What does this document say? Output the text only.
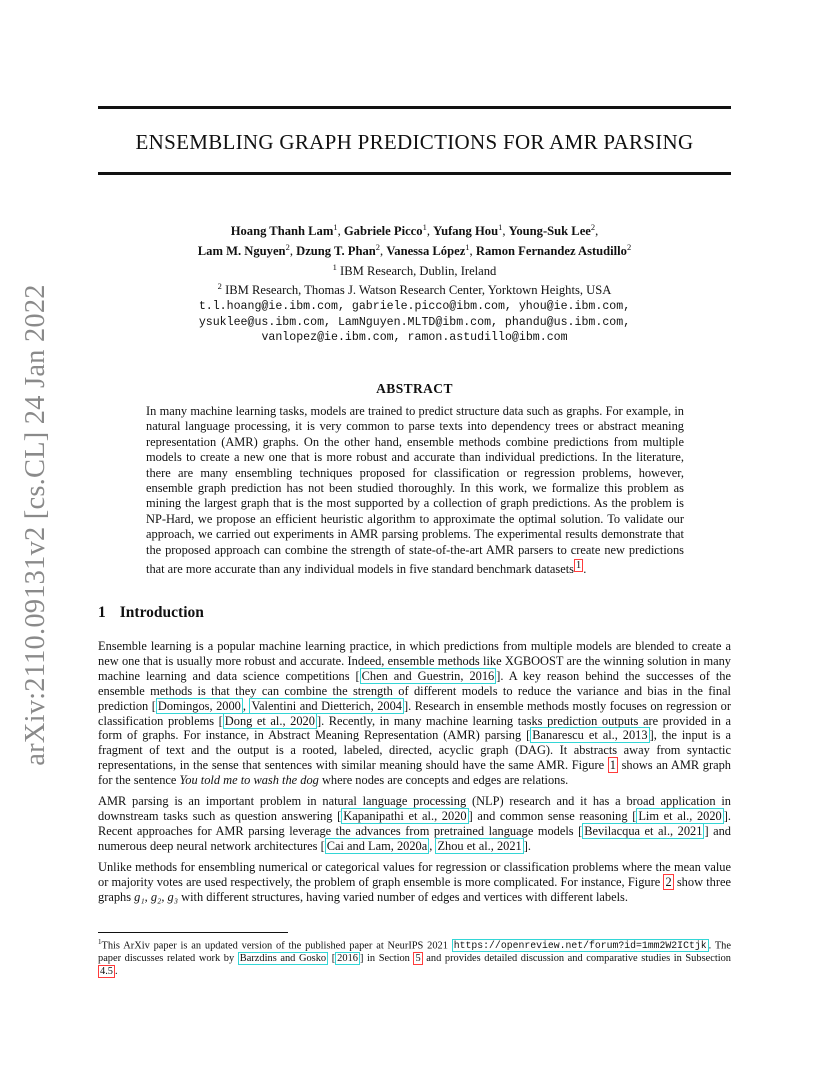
arXiv:2110.09131v2 [cs.CL] 24 Jan 2022
ENSEMBLING GRAPH PREDICTIONS FOR AMR PARSING
Hoang Thanh Lam$^1$, Gabriele Picco$^1$, Yufang Hou$^1$, Young-Suk Lee$^2$,
Lam M. Nguyen$^2$, Dzung T. Phan$^2$, Vanessa López$^1$, Ramon Fernandez Astudillo$^2$
$^1$ IBM Research, Dublin, Ireland
$^2$ IBM Research, Thomas J. Watson Research Center, Yorktown Heights, USA
t.l.hoang@ie.ibm.com, gabriele.picco@ibm.com, yhou@ie.ibm.com,
ysuklee@us.ibm.com, LamNguyen.MLTD@ibm.com, phandu@us.ibm.com,
vanlopez@ie.ibm.com, ramon.astudillo@ibm.com
ABSTRACT
In many machine learning tasks, models are trained to predict structure data such as graphs. For example, in natural language processing, it is very common to parse texts into dependency trees or abstract meaning representation (AMR) graphs. On the other hand, ensemble methods combine predictions from multiple models to create a new one that is more robust and accurate than individual predictions. In the literature, there are many ensembling techniques proposed for classification or regression problems, however, ensemble graph prediction has not been studied thoroughly. In this work, we formalize this problem as mining the largest graph that is the most supported by a collection of graph predictions. As the problem is NP-Hard, we propose an efficient heuristic algorithm to approximate the optimal solution. To validate our approach, we carried out experiments in AMR parsing problems. The experimental results demonstrate that the proposed approach can combine the strength of state-of-the-art AMR parsers to create new predictions that are more accurate than any individual models in five standard benchmark datasets $^1$ .
1 Introduction

Ensemble learning is a popular machine learning practice, in which predictions from multiple models are blended to create a new one that is usually more robust and accurate. Indeed, ensemble methods like XGBOOST are the winning solution in many machine learning and data science competitions [ Chen and Guestrin, 2016 ]. A key reason behind the successes of the ensemble methods is that they can combine the strength of different models to reduce the variance and bias in the final prediction [ Domingos, 2000 , Valentini and Dietterich, 2004 ]. Research in ensemble methods mostly focuses on regression or classification problems [ Dong et al., 2020 ]. Recently, in many machine learning tasks prediction outputs are provided in a form of graphs. For instance, in Abstract Meaning Representation (AMR) parsing [ Banarescu et al., 2013 ], the input is a fragment of text and the output is a rooted, labeled, directed, acyclic graph (DAG). It abstracts away from syntactic representations, in the sense that sentences with similar meaning should have the same AMR. Figure 1 shows an AMR graph for the sentence You told me to wash the dog where nodes are concepts and edges are relations.

AMR parsing is an important problem in natural language processing (NLP) research and it has a broad application in downstream tasks such as question answering [ Kapanipathi et al., 2020 ] and common sense reasoning [ Lim et al., 2020 ]. Recent approaches for AMR parsing leverage the advances from pretrained language models [ Bevilacqua et al., 2021 ] and numerous deep neural network architectures [ Cai and Lam, 2020a , Zhou et al., 2021 ].

Unlike methods for ensembling numerical or categorical values for regression or classification problems where the mean value or majority votes are used respectively, the problem of graph ensemble is more complicated. For instance, Figure 2 show three graphs g₁, g₂, g₃ with different structures, having varied number of edges and vertices with different labels.

$^1$This ArXiv paper is an updated version of the published paper at NeurIPS 2021 https://openreview.net/forum?id=1mm2W2ICtjk . The paper discusses related work by Barzdins and Gosko [ 2016 ] in Section 5 and provides detailed discussion and comparative studies in Subsection 4.5 .
